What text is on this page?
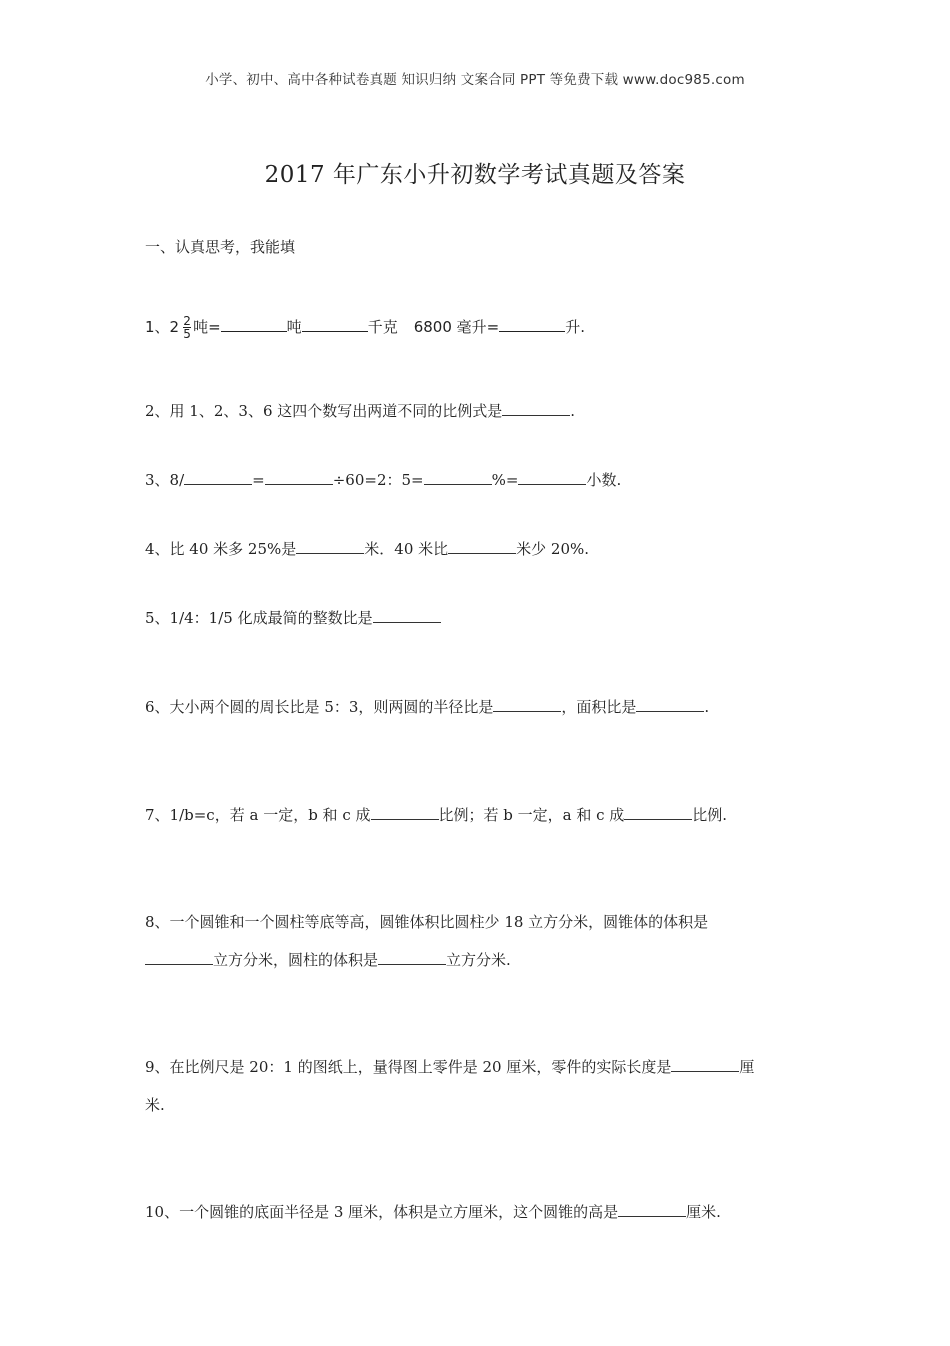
小学、初中、高中各种试卷真题 知识归纳 文案合同 PPT 等免费下载 www.doc985.com
2017 年广东小升初数学考试真题及答案
一、认真思考，我能填
1、$2 \frac{2}{5}$ 吨=	吨	千克 6800 毫升=	升.
2、用 1、2、3、6 这四个数写出两道不同的比例式是	.
3、8/	=	÷60=2：5=	%=	小数.
4、比 40 米多 25%是	米．40 米比	米少 20%.
5、1/4：1/5 化成最简的整数比是
6、大小两个圆的周长比是 5：3，则两圆的半径比是	，面积比是	.
7、1/b=c，若 a 一定，b 和 c 成	比例；若 b 一定，a 和 c 成	比例.
8、一个圆锥和一个圆柱等底等高，圆锥体积比圆柱少 18 立方分米，圆锥体的体积是
立方分米，圆柱的体积是	立方分米.
9、在比例尺是 20：1 的图纸上，量得图上零件是 20 厘米，零件的实际长度是	厘
米.
10、一个圆锥的底面半径是 3 厘米，体积是立方厘米，这个圆锥的高是	厘米.
